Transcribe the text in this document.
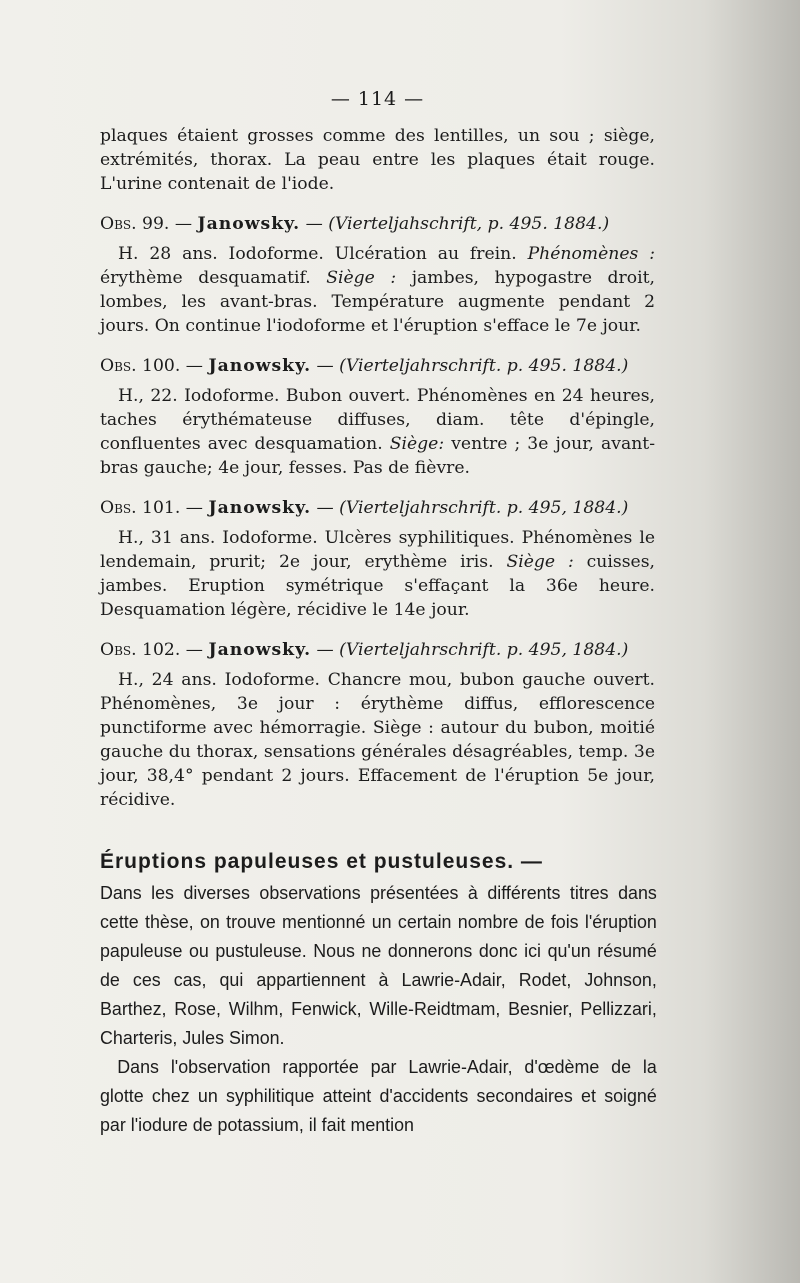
— 114 —

plaques étaient grosses comme des lentilles, un sou ; siège, extrémités, thorax. La peau entre les plaques était rouge. L'urine contenait de l'iode.

Obs. 99. — Janowsky. — (Vierteljahschrift, p. 495. 1884.)

H. 28 ans. Iodoforme. Ulcération au frein. Phénomènes : érythème desquamatif. Siège : jambes, hypogastre droit, lombes, les avant-bras. Température augmente pendant 2 jours. On continue l'iodoforme et l'éruption s'efface le 7e jour.

Obs. 100. — Janowsky. — (Vierteljahrschrift. p. 495. 1884.)

H., 22. Iodoforme. Bubon ouvert. Phénomènes en 24 heures, taches érythémateuse diffuses, diam. tête d'épingle, confluentes avec desquamation. Siège: ventre ; 3e jour, avant-bras gauche; 4e jour, fesses. Pas de fièvre.

Obs. 101. — Janowsky. — (Vierteljahrschrift. p. 495, 1884.)

H., 31 ans. Iodoforme. Ulcères syphilitiques. Phénomènes le lendemain, prurit; 2e jour, erythème iris. Siège : cuisses, jambes. Eruption symétrique s'effaçant la 36e heure. Desquamation légère, récidive le 14e jour.

Obs. 102. — Janowsky. — (Vierteljahrschrift. p. 495, 1884.)

H., 24 ans. Iodoforme. Chancre mou, bubon gauche ouvert. Phénomènes, 3e jour : érythème diffus, efflorescence punctiforme avec hémorragie. Siège : autour du bubon, moitié gauche du thorax, sensations générales désagréables, temp. 3e jour, 38,4° pendant 2 jours. Effacement de l'éruption 5e jour, récidive.

Éruptions papuleuses et pustuleuses. —

Dans les diverses observations présentées à différents titres dans cette thèse, on trouve mentionné un certain nombre de fois l'éruption papuleuse ou pustuleuse. Nous ne donnerons donc ici qu'un résumé de ces cas, qui appartiennent à Lawrie-Adair, Rodet, Johnson, Barthez, Rose, Wilhm, Fenwick, Wille-Reidtmam, Besnier, Pellizzari, Charteris, Jules Simon.

Dans l'observation rapportée par Lawrie-Adair, d'œdème de la glotte chez un syphilitique atteint d'accidents secondaires et soigné par l'iodure de potassium, il fait mention
